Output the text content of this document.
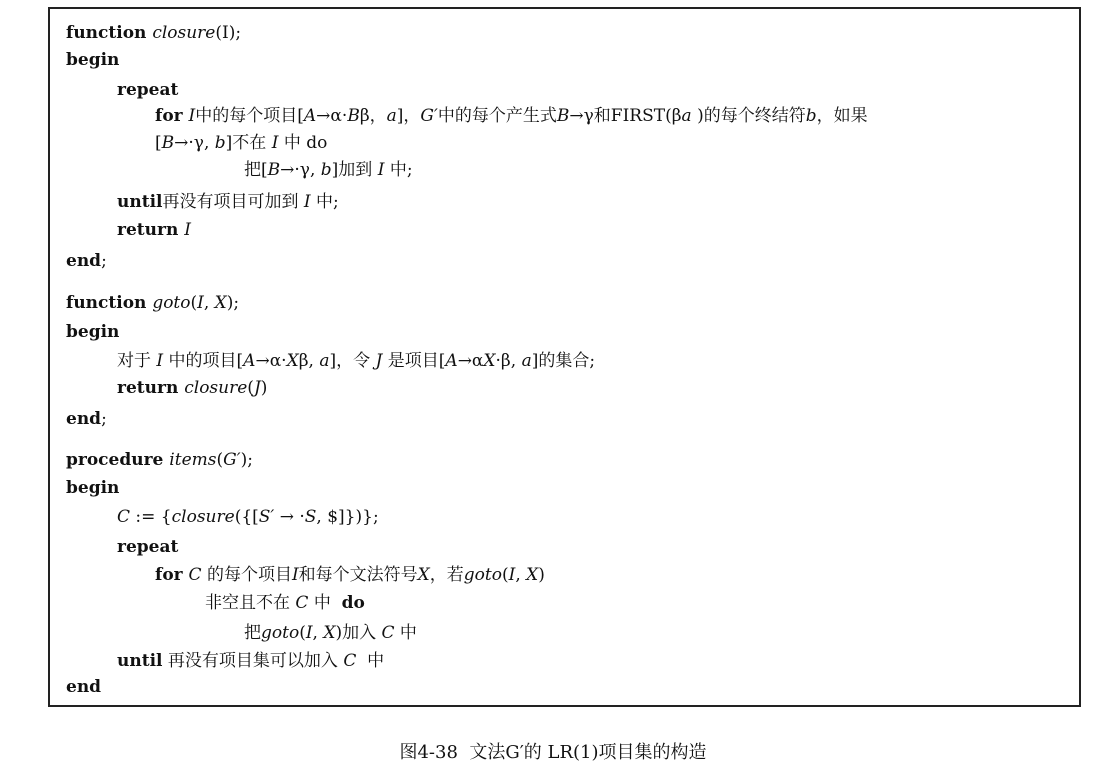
function closure(I);
begin
repeat
for I中的每个项目[A→α·Bβ，a]，G′中的每个产生式B→γ和FIRST(βa )的每个终结符b，如果
[B→·γ, b]不在 I 中 do
把[B→·γ, b]加到 I 中;
until再没有项目可加到 I 中;
return I
end;
function goto(I, X);
begin
对于 I 中的项目[A→α·Xβ, a]，令 J 是项目[A→αX·β, a]的集合;
return closure(J)
end;
procedure items(G′);
begin
C := {closure({[S′ → ·S, $]})};
repeat
for C 的每个项目I和每个文法符号X，若goto(I, X)
非空且不在 C 中  do
把goto(I, X)加入 C 中
until 再没有项目集可以加入 C  中
end
图4-38  文法G′的 LR(1)项目集的构造
